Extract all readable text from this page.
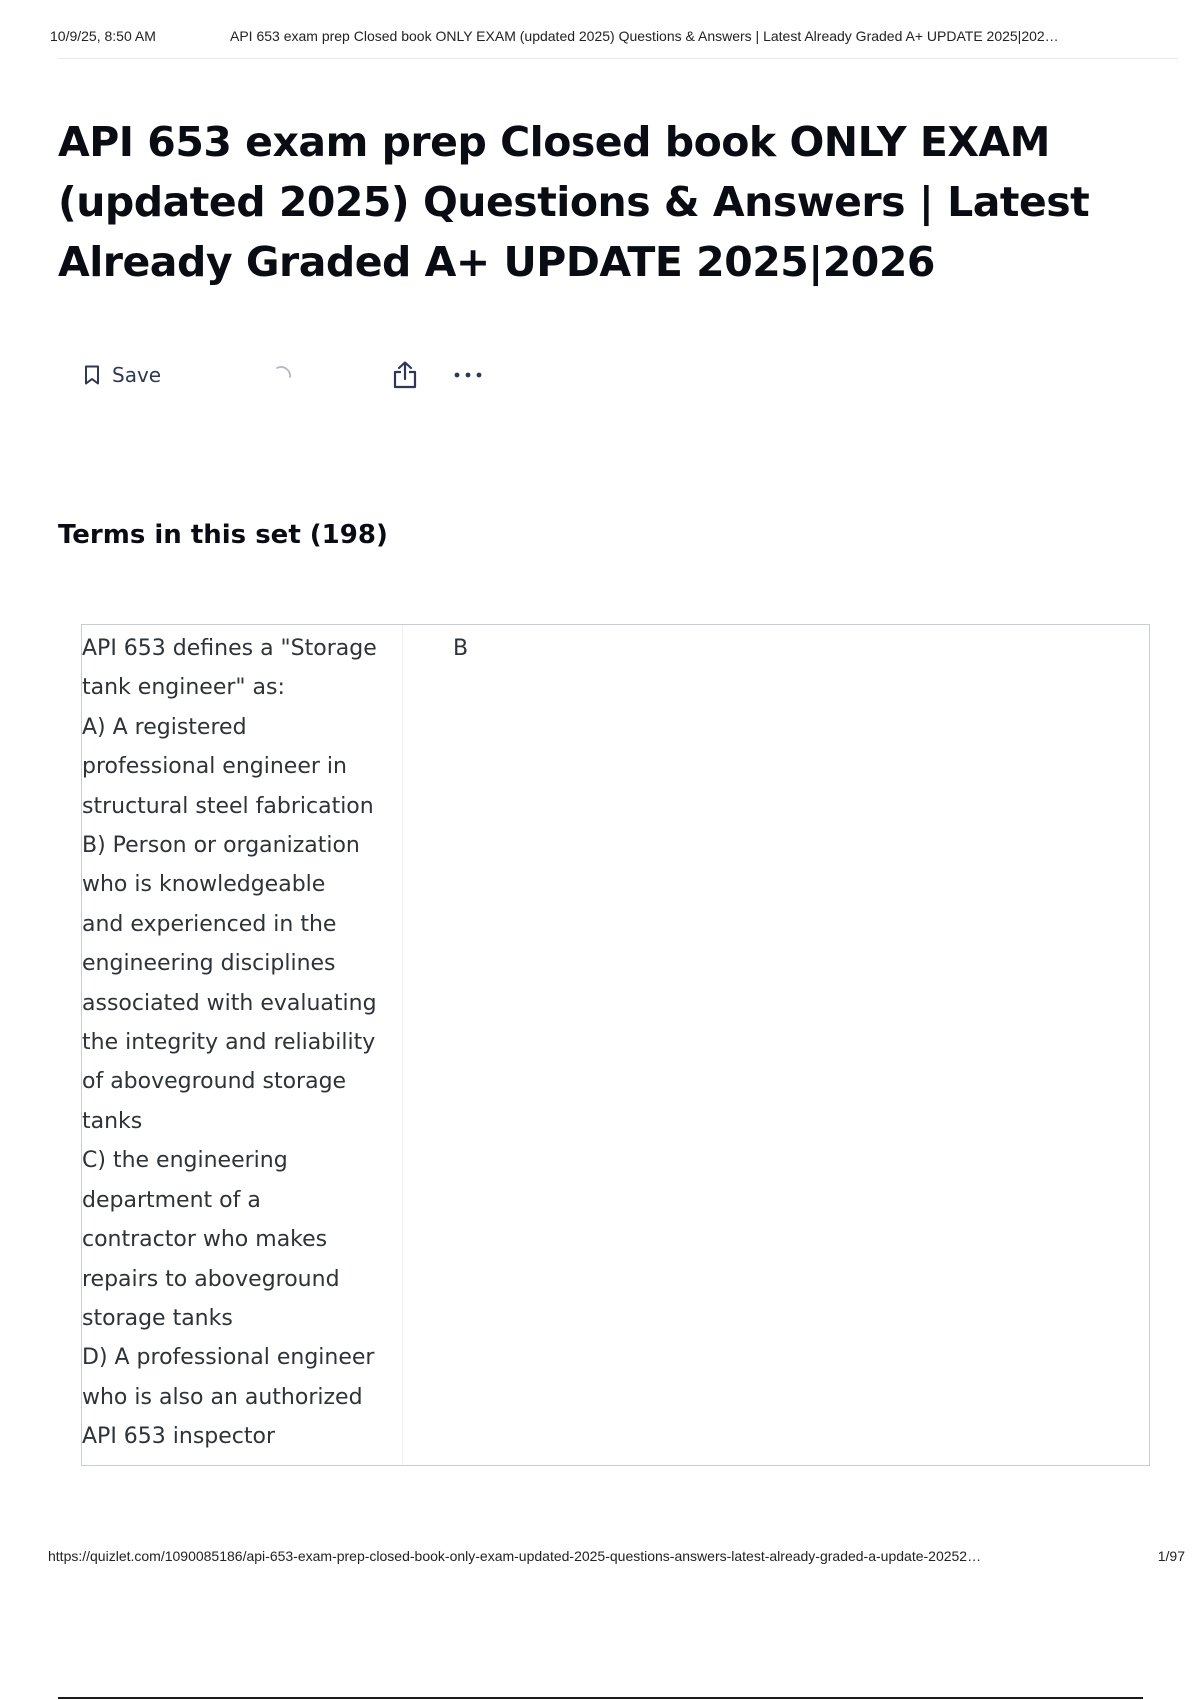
10/9/25, 8:50 AM	API 653 exam prep Closed book ONLY EXAM (updated 2025) Questions & Answers | Latest Already Graded A+ UPDATE 2025|202…
API 653 exam prep Closed book ONLY EXAM (updated 2025) Questions & Answers | Latest Already Graded A+ UPDATE 2025|2026
Save
Terms in this set (198)
API 653 defines a "Storage
tank engineer" as:
A) A registered
professional engineer in
structural steel fabrication
B) Person or organization
who is knowledgeable
and experienced in the
engineering disciplines
associated with evaluating
the integrity and reliability
of aboveground storage
tanks
C) the engineering
department of a
contractor who makes
repairs to aboveground
storage tanks
D) A professional engineer
who is also an authorized
API 653 inspector
B
https://quizlet.com/1090085186/api-653-exam-prep-closed-book-only-exam-updated-2025-questions-answers-latest-already-graded-a-update-20252…	1/97
